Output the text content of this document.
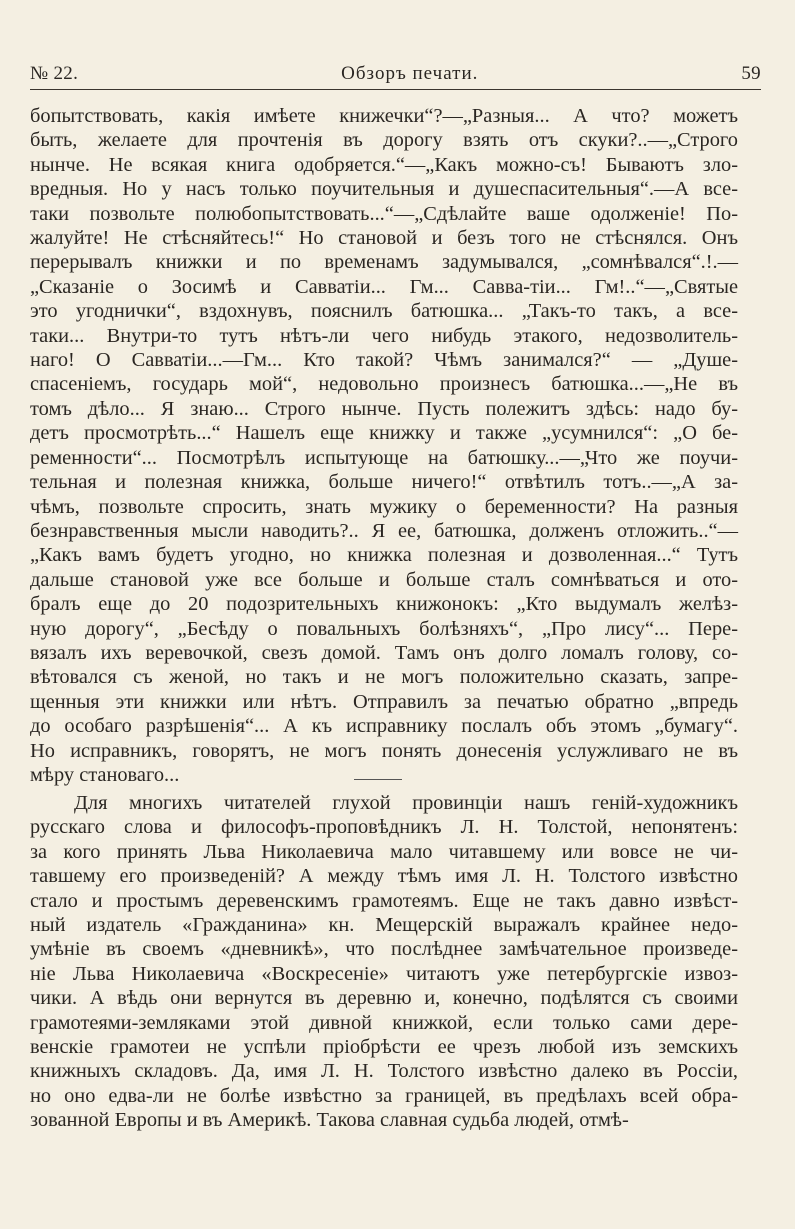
№ 22.	Обзоръ печати.	59
бопытствовать, какія имѣете книжечки“?—„Разныя... А что? можетъ
быть, желаете для прочтенія въ дорогу взять отъ скуки?..—„Строго
нынче. Не всякая книга одобряется.“—„Какъ можно-съ! Бываютъ зло-
вредныя. Но у насъ только поучительныя и душеспасительныя“.—А все-
таки позвольте полюбопытствовать...“—„Сдѣлайте ваше одолженіе! По-
жалуйте! Не стѣсняйтесь!“ Но становой и безъ того не стѣснялся. Онъ
перерывалъ книжки и по временамъ задумывался, „сомнѣвался“.!.—
„Сказаніе о Зосимѣ и Савватіи... Гм... Савва-тіи... Гм!..“—„Святые
это угоднички“, вздохнувъ, пояснилъ батюшка... „Такъ-то такъ, а все-
таки... Внутри-то тутъ нѣтъ-ли чего нибудь этакого, недозволитель-
наго! О Савватіи...—Гм... Кто такой? Чѣмъ занимался?“ — „Душе-
спасеніемъ, государь мой“, недовольно произнесъ батюшка...—„Не въ
томъ дѣло... Я знаю... Строго нынче. Пусть полежитъ здѣсь: надо бу-
детъ просмотрѣть...“ Нашелъ еще книжку и также „усумнился“: „О бе-
ременности“... Посмотрѣлъ испытующе на батюшку...—„Что же поучи-
тельная и полезная книжка, больше ничего!“ отвѣтилъ тотъ..—„А за-
чѣмъ, позвольте спросить, знать мужику о беременности? На разныя
безнравственныя мысли наводить?.. Я ее, батюшка, долженъ отложить..“—
„Какъ вамъ будетъ угодно, но книжка полезная и дозволенная...“ Тутъ
дальше становой уже все больше и больше сталъ сомнѣваться и ото-
бралъ еще до 20 подозрительныхъ книжонокъ: „Кто выдумалъ желѣз-
ную дорогу“, „Бесѣду о повальныхъ болѣзняхъ“, „Про лису“... Пере-
вязалъ ихъ веревочкой, свезъ домой. Тамъ онъ долго ломалъ голову, со-
вѣтовался съ женой, но такъ и не могъ положительно сказать, запре-
щенныя эти книжки или нѣтъ. Отправилъ за печатью обратно „впредь
до особаго разрѣшенія“... А къ исправнику послалъ объ этомъ „бумагу“.
Но исправникъ, говорятъ, не могъ понять донесенія услужливаго не въ
мѣру становаго...
Для многихъ читателей глухой провинціи нашъ геній-художникъ
русскаго слова и философъ-проповѣдникъ Л. Н. Толстой, непонятенъ:
за кого принять Льва Николаевича мало читавшему или вовсе не чи-
тавшему его произведеній? А между тѣмъ имя Л. Н. Толстого извѣстно
стало и простымъ деревенскимъ грамотеямъ. Еще не такъ давно извѣст-
ный издатель «Гражданина» кн. Мещерскій выражалъ крайнее недо-
умѣніе въ своемъ «дневникѣ», что послѣднее замѣчательное произведе-
ніе Льва Николаевича «Воскресеніе» читаютъ уже петербургскіе извоз-
чики. А вѣдь они вернутся въ деревню и, конечно, подѣлятся съ своими
грамотеями-земляками этой дивной книжкой, если только сами дере-
венскіе грамотеи не успѣли пріобрѣсти ее чрезъ любой изъ земскихъ
книжныхъ складовъ. Да, имя Л. Н. Толстого извѣстно далеко въ Россіи,
но оно едва-ли не болѣе извѣстно за границей, въ предѣлахъ всей обра-
зованной Европы и въ Америкѣ. Такова славная судьба людей, отмѣ-
